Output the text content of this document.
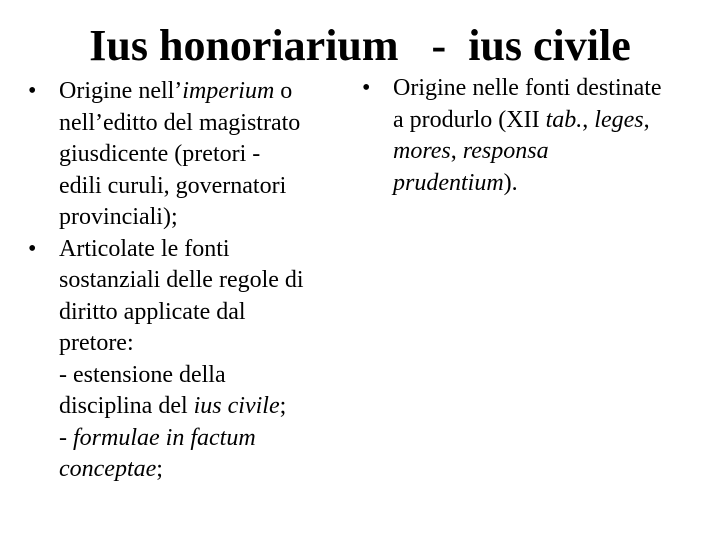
Ius honoriarium   -  ius civile
• Origine nell’imperium o
nell’editto del magistrato
giusdicente (pretori -
edili curuli, governatori
provinciali);
• Articolate le fonti
sostanziali delle regole di
diritto applicate dal
pretore:
- estensione della
disciplina del ius civile;
- formulae in factum
conceptae;
• Origine nelle fonti destinate
a produrlo (XII tab., leges,
mores, responsa
prudentium).
